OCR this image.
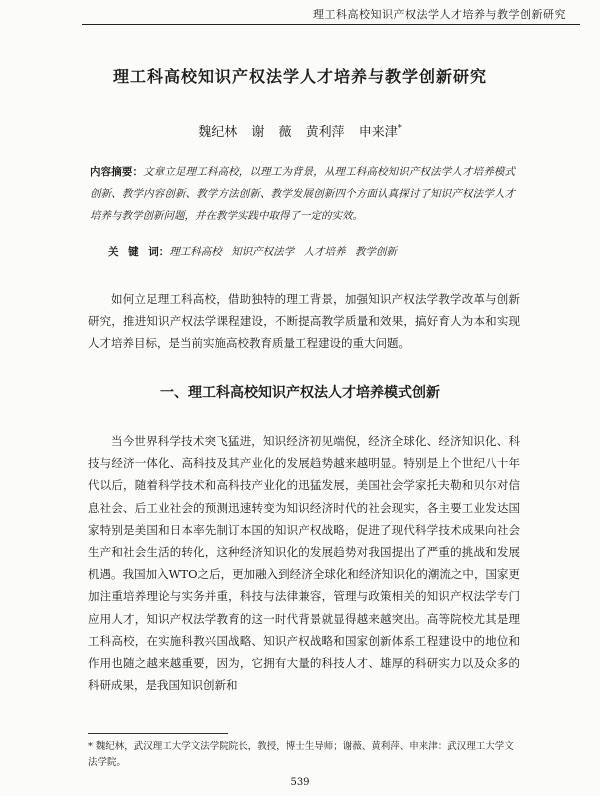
理工科高校知识产权法学人才培养与教学创新研究
理工科高校知识产权法学人才培养与教学创新研究
魏纪林 谢 薇 黄利萍 申来津*
内容摘要：文章立足理工科高校，以理工为背景，从理工科高校知识产权法学人才培养模式创新、教学内容创新、教学方法创新、教学发展创新四个方面认真探讨了知识产权法学人才培养与教学创新问题，并在教学实践中取得了一定的实效。
关 键 词：理工科高校 知识产权法学 人才培养 教学创新
如何立足理工科高校，借助独特的理工背景，加强知识产权法学教学改革与创新研究，推进知识产权法学课程建设，不断提高教学质量和效果，搞好育人为本和实现人才培养目标，是当前实施高校教育质量工程建设的重大问题。
一、理工科高校知识产权法人才培养模式创新
当今世界科学技术突飞猛进，知识经济初见端倪，经济全球化、经济知识化、科技与经济一体化、高科技及其产业化的发展趋势越来越明显。特别是上个世纪八十年代以后，随着科学技术和高科技产业化的迅猛发展，美国社会学家托夫勒和贝尔对信息社会、后工业社会的预测迅速转变为知识经济时代的社会现实，各主要工业发达国家特别是美国和日本率先制订本国的知识产权战略，促进了现代科学技术成果向社会生产和社会生活的转化，这种经济知识化的发展趋势对我国提出了严重的挑战和发展机遇。我国加入WTO之后，更加融入到经济全球化和经济知识化的潮流之中，国家更加注重培养理论与实务并重，科技与法律兼容，管理与政策相关的知识产权法学专门应用人才，知识产权法学教育的这一时代背景就显得越来越突出。高等院校尤其是理工科高校，在实施科教兴国战略、知识产权战略和国家创新体系工程建设中的地位和作用也随之越来越重要，因为，它拥有大量的科技人才、雄厚的科研实力以及众多的科研成果，是我国知识创新和
* 魏纪林，武汉理工大学文法学院院长，教授，博士生导师；谢薇、黄利萍、申来津：武汉理工大学文法学院。
539
